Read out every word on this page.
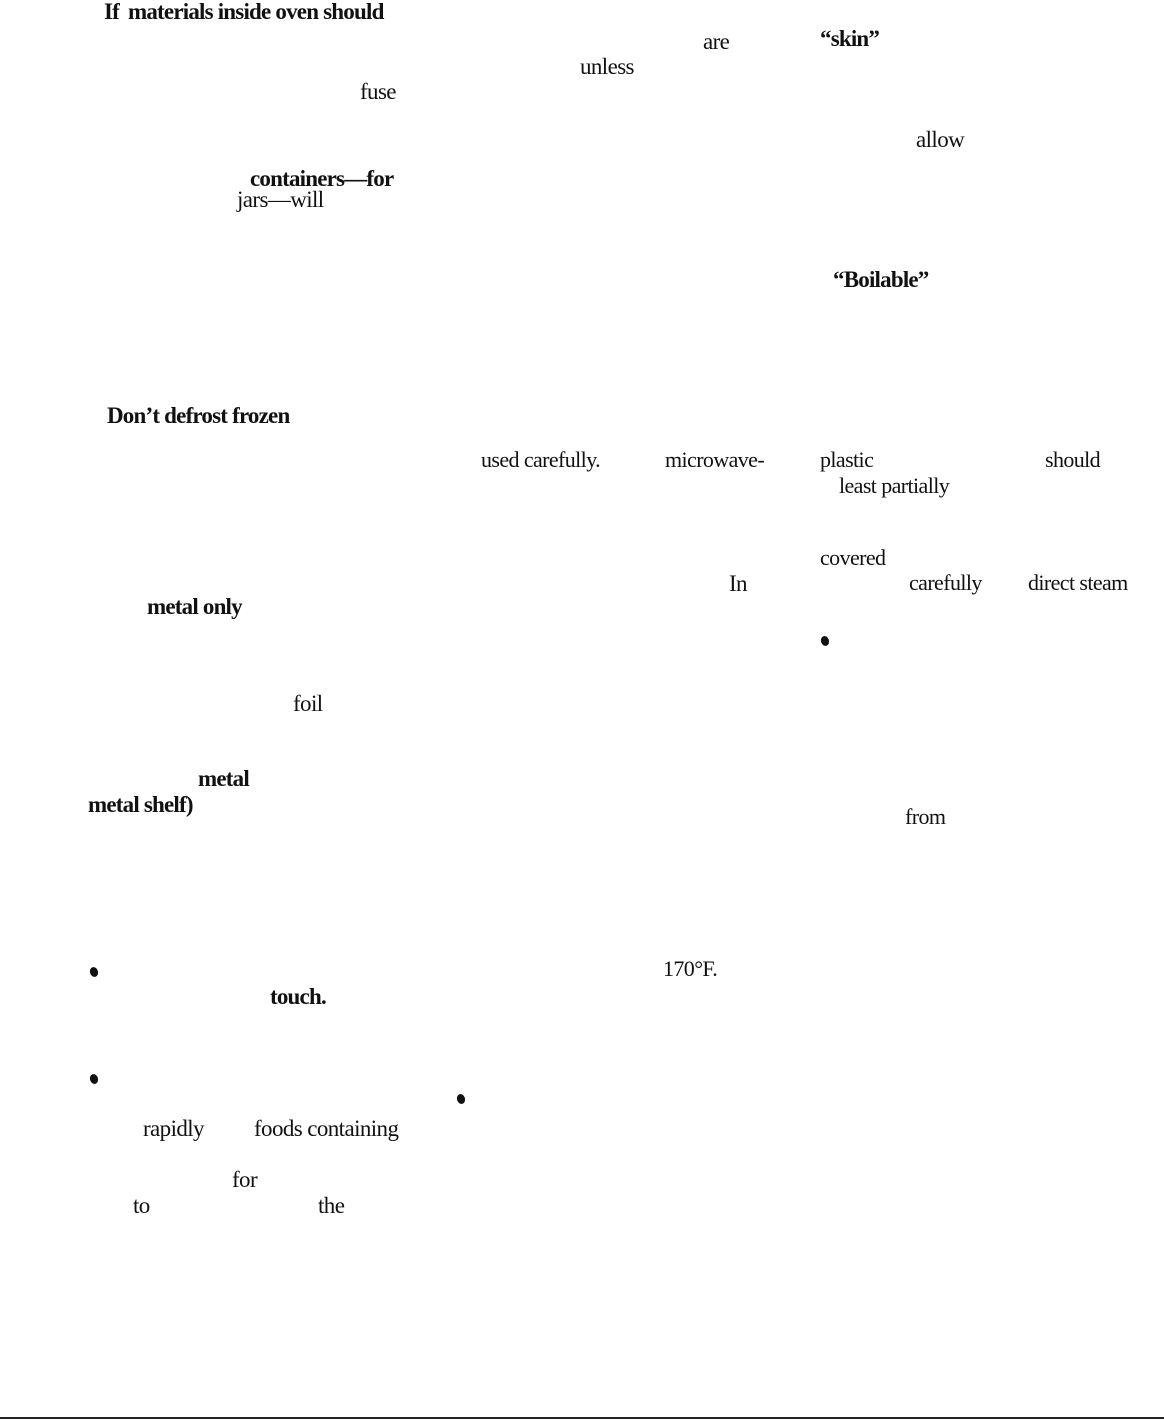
If materials inside oven should
fuse
containers—for
jars—will
are	“skin”
unless
allow
“Boilable”
Don’t defrost frozen
used carefully.	microwave-	plastic	should
least partially
covered
In	carefully direct steam
metal only
foil
metal
metal shelf)	from
170°F.
touch.
rapidly foods containing
for
to	the
